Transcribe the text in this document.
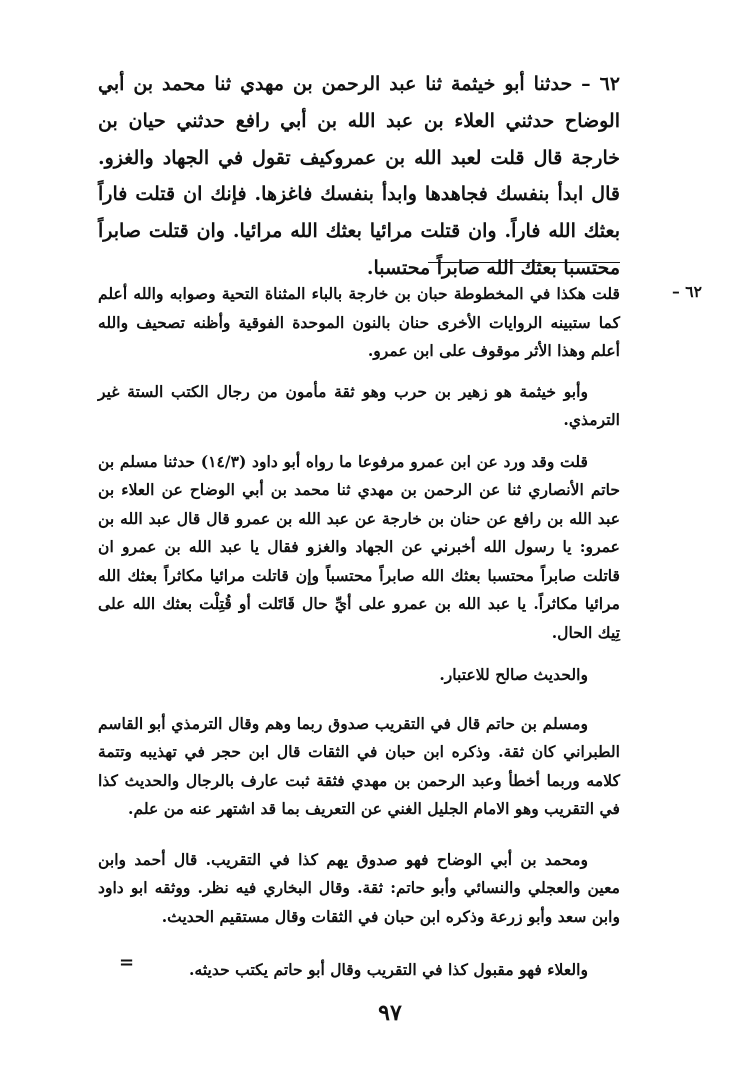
٦٢ – حدثنا أبو خيثمة ثنا عبد الرحمن بن مهدي ثنا محمد بن أبي الوضاح حدثني العلاء بن عبد الله بن أبي رافع حدثني حيان بن خارجة قال قلت لعبد الله بن عمروكيف تقول في الجهاد والغزو. قال ابدأ بنفسك فجاهدها وابدأ بنفسك فاغزها. فإنك ان قتلت فاراً بعثك الله فاراً. وان قتلت مرائيا بعثك الله مرائيا. وان قتلت صابراً محتسبا بعثك الله صابراً محتسبا.

٦٢ –

قلت هكذا في المخطوطة حبان بن خارجة بالباء المثناة التحية وصوابه والله أعلم كما ستبينه الروايات الأخرى حنان بالنون الموحدة الفوقية وأظنه تصحيف والله أعلم وهذا الأثر موقوف على ابن عمرو.

وأبو خيثمة هو زهير بن حرب وهو ثقة مأمون من رجال الكتب الستة غير الترمذي.

قلت وقد ورد عن ابن عمرو مرفوعا ما رواه أبو داود (١٤/٣) حدثنا مسلم بن حاتم الأنصاري ثنا عن الرحمن بن مهدي ثنا محمد بن أبي الوضاح عن العلاء بن عبد الله بن رافع عن حنان بن خارجة عن عبد الله بن عمرو قال قال عبد الله بن عمرو: يا رسول الله أخبرني عن الجهاد والغزو فقال يا عبد الله بن عمرو ان قاتلت صابراً محتسبا بعثك الله صابراً محتسباً وإن قاتلت مرائيا مكاثراً بعثك الله مرائيا مكاثراً. يا عبد الله بن عمرو على أيِّ حال قَاتَلت أو قُتِلْت بعثك الله على تِيك الحال.

والحديث صالح للاعتبار.

ومسلم بن حاتم قال في التقريب صدوق ربما وهم وقال الترمذي أبو القاسم الطبراني كان ثقة. وذكره ابن حبان في الثقات قال ابن حجر في تهذيبه وتتمة كلامه وربما أخطأ وعبد الرحمن بن مهدي فثقة ثبت عارف بالرجال والحديث كذا في التقريب وهو الامام الجليل الغني عن التعريف بما قد اشتهر عنه من علم.

ومحمد بن أبي الوضاح فهو صدوق يهم كذا في التقريب. قال أحمد وابن معين والعجلي والنسائي وأبو حاتم: ثقة. وقال البخاري فيه نظر. ووثقه ابو داود وابن سعد وأبو زرعة وذكره ابن حبان في الثقات وقال مستقيم الحديث.

والعلاء فهو مقبول كذا في التقريب وقال أبو حاتم يكتب حديثه.

=
٩٧
